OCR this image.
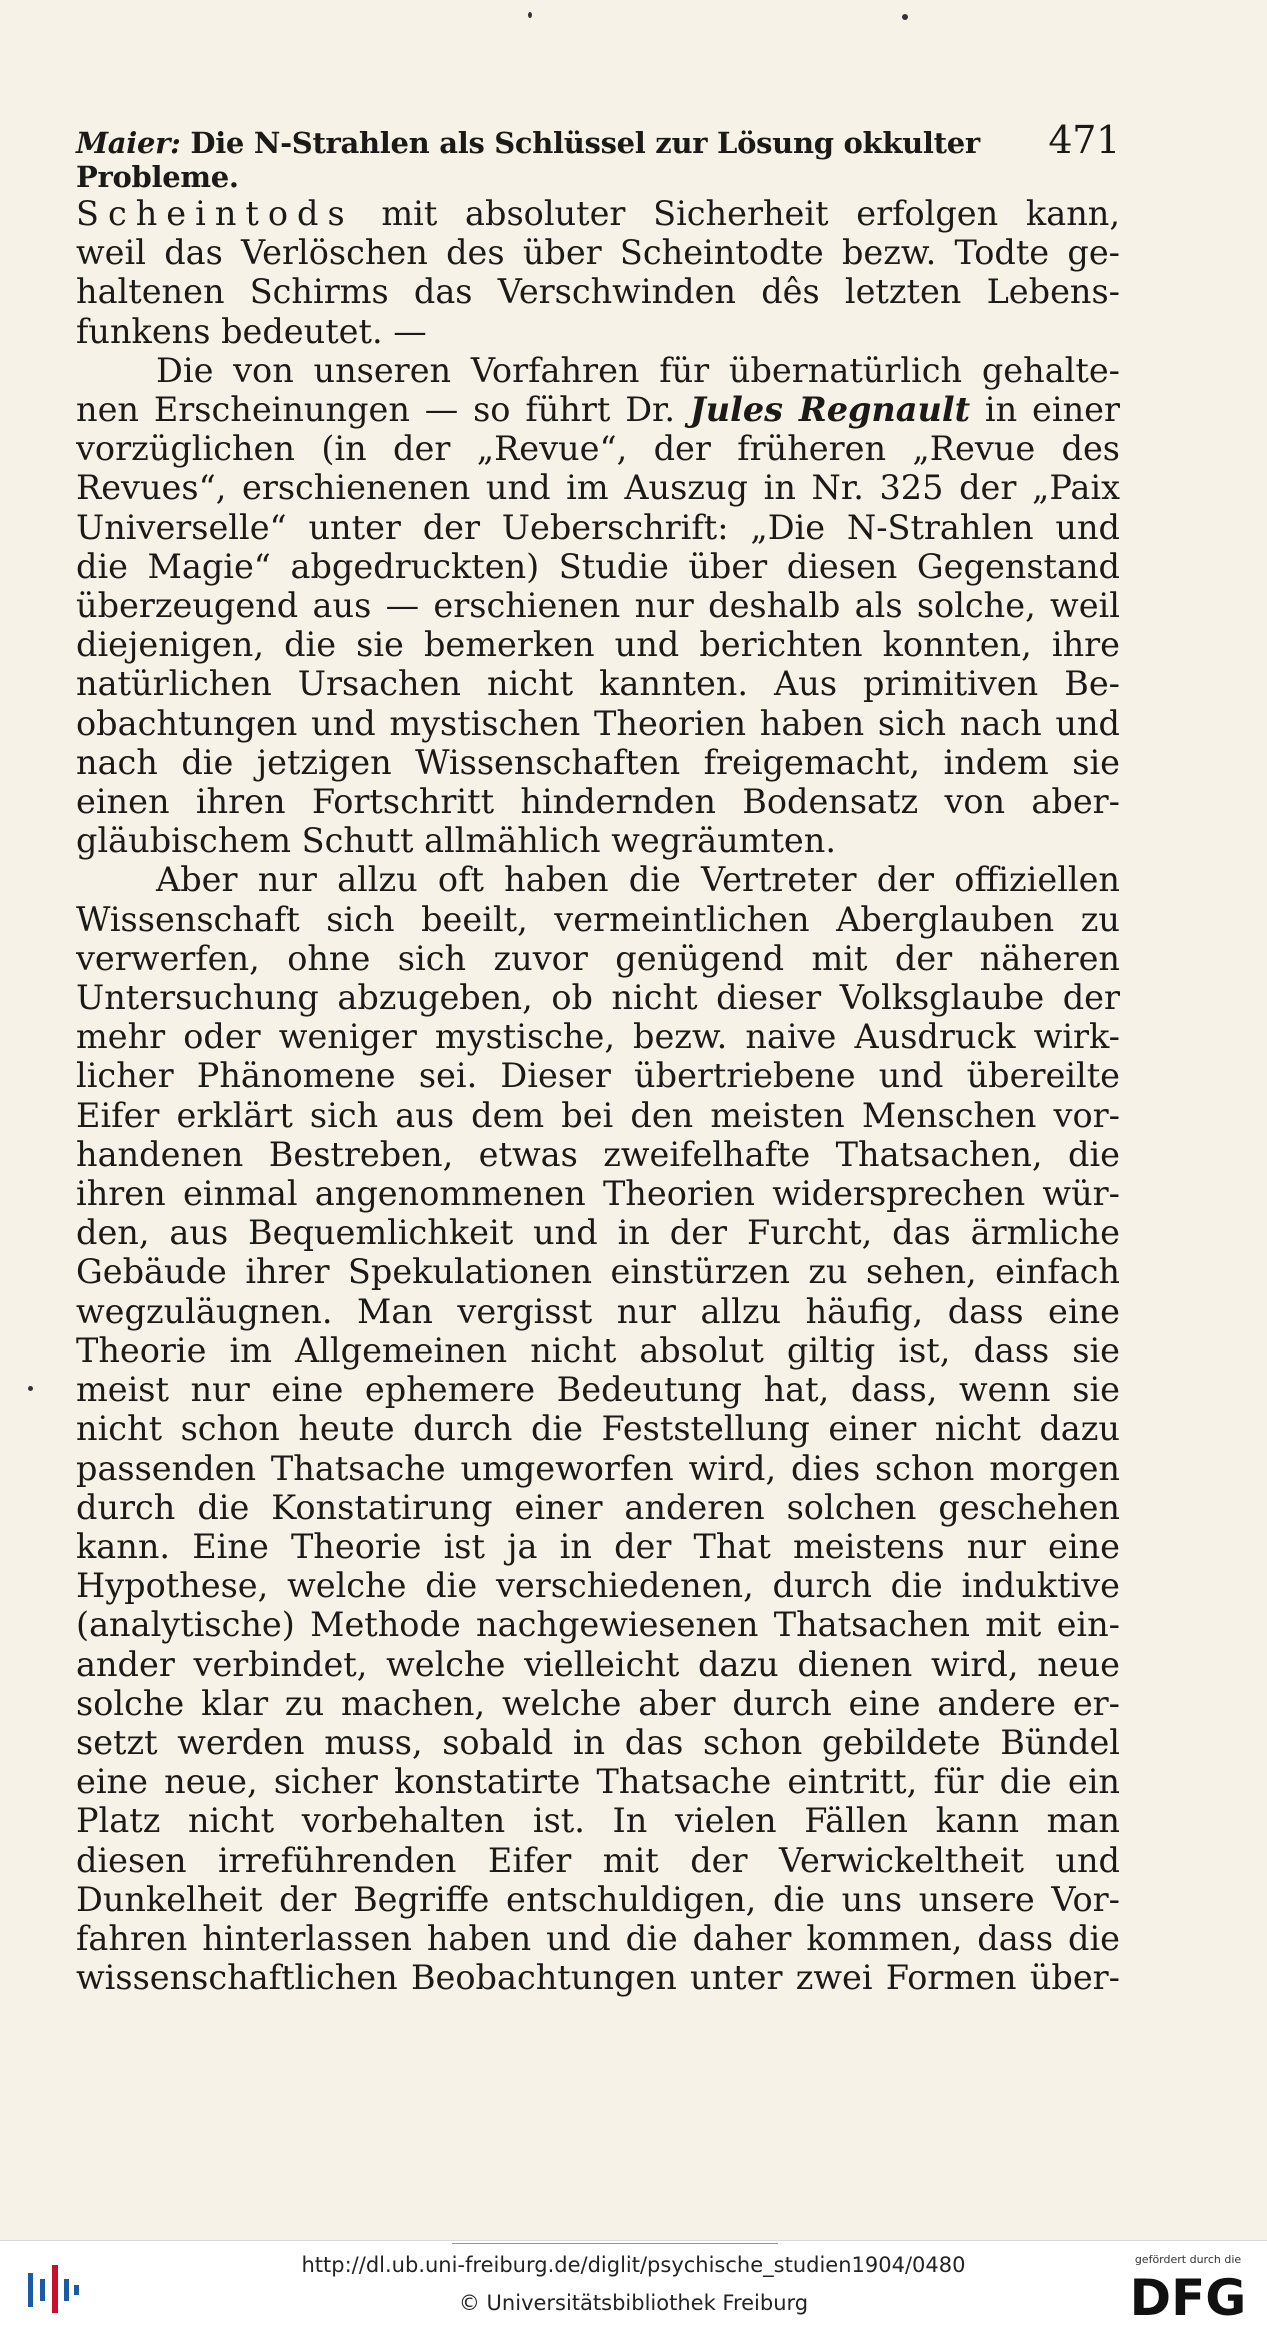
Maier: Die N-Strahlen als Schlüssel zur Lösung okkulter Probleme.
471
Scheintods mit absoluter Sicherheit erfolgen kann,
weil das Verlöschen des über Scheintodte bezw. Todte ge-
haltenen Schirms das Verschwinden dês letzten Lebens-
funkens bedeutet. —
Die von unseren Vorfahren für übernatürlich gehalte-
nen Erscheinungen — so führt Dr. Jules Regnault in einer
vorzüglichen (in der „Revue“, der früheren „Revue des
Revues“, erschienenen und im Auszug in Nr. 325 der „Paix
Universelle“ unter der Ueberschrift: „Die N-Strahlen und
die Magie“ abgedruckten) Studie über diesen Gegenstand
überzeugend aus — erschienen nur deshalb als solche, weil
diejenigen, die sie bemerken und berichten konnten, ihre
natürlichen Ursachen nicht kannten. Aus primitiven Be-
obachtungen und mystischen Theorien haben sich nach und
nach die jetzigen Wissenschaften freigemacht, indem sie
einen ihren Fortschritt hindernden Bodensatz von aber-
gläubischem Schutt allmählich wegräumten.
Aber nur allzu oft haben die Vertreter der offiziellen
Wissenschaft sich beeilt, vermeintlichen Aberglauben zu
verwerfen, ohne sich zuvor genügend mit der näheren
Untersuchung abzugeben, ob nicht dieser Volksglaube der
mehr oder weniger mystische, bezw. naive Ausdruck wirk-
licher Phänomene sei. Dieser übertriebene und übereilte
Eifer erklärt sich aus dem bei den meisten Menschen vor-
handenen Bestreben, etwas zweifelhafte Thatsachen, die
ihren einmal angenommenen Theorien widersprechen wür-
den, aus Bequemlichkeit und in der Furcht, das ärmliche
Gebäude ihrer Spekulationen einstürzen zu sehen, einfach
wegzuläugnen. Man vergisst nur allzu häufig, dass eine
Theorie im Allgemeinen nicht absolut giltig ist, dass sie
meist nur eine ephemere Bedeutung hat, dass, wenn sie
nicht schon heute durch die Feststellung einer nicht dazu
passenden Thatsache umgeworfen wird, dies schon morgen
durch die Konstatirung einer anderen solchen geschehen
kann. Eine Theorie ist ja in der That meistens nur eine
Hypothese, welche die verschiedenen, durch die induktive
(analytische) Methode nachgewiesenen Thatsachen mit ein-
ander verbindet, welche vielleicht dazu dienen wird, neue
solche klar zu machen, welche aber durch eine andere er-
setzt werden muss, sobald in das schon gebildete Bündel
eine neue, sicher konstatirte Thatsache eintritt, für die ein
Platz nicht vorbehalten ist. In vielen Fällen kann man
diesen irreführenden Eifer mit der Verwickeltheit und
Dunkelheit der Begriffe entschuldigen, die uns unsere Vor-
fahren hinterlassen haben und die daher kommen, dass die
wissenschaftlichen Beobachtungen unter zwei Formen über-
http://dl.ub.uni-freiburg.de/diglit/psychische_studien1904/0480
© Universitätsbibliothek Freiburg
gefördert durch die
DFG
